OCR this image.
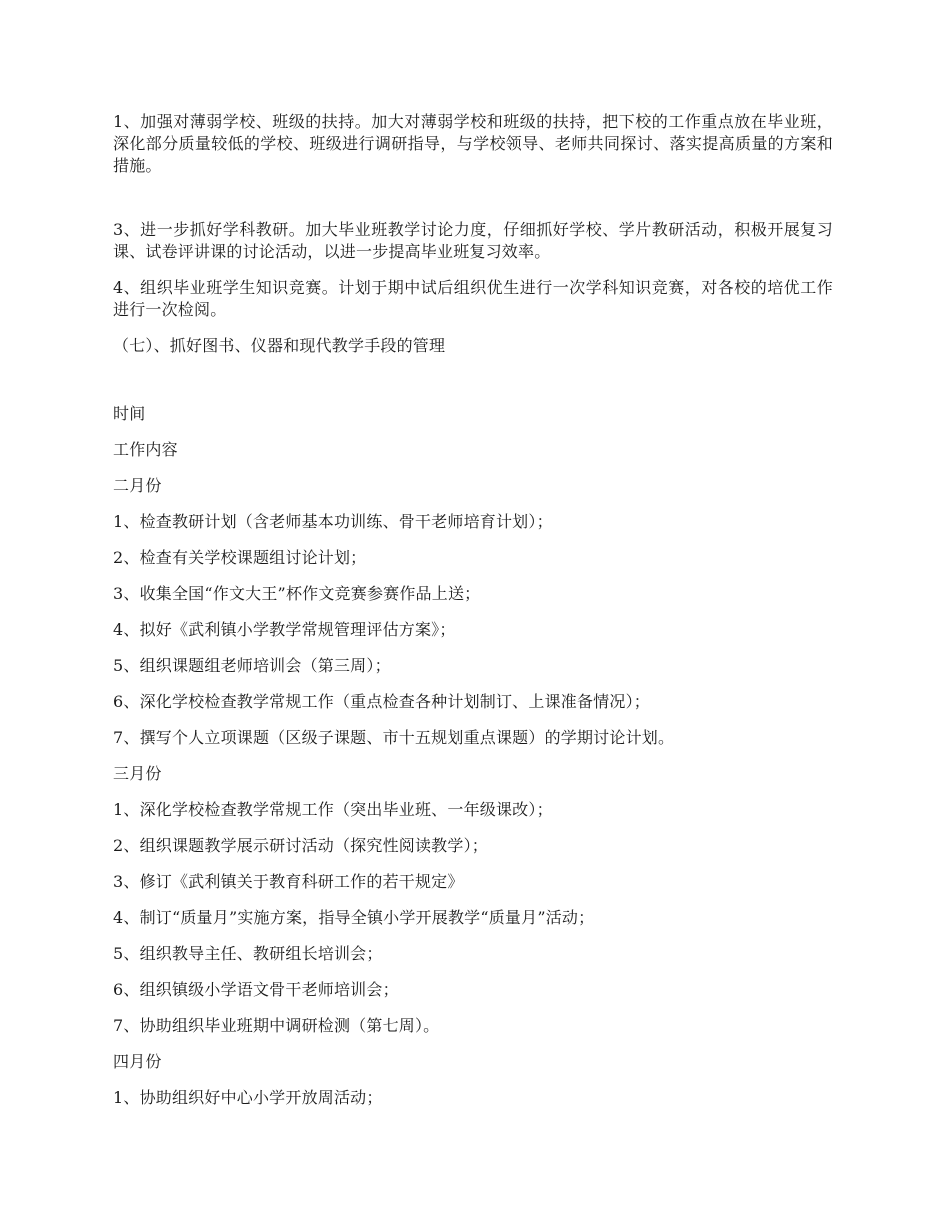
1、加强对薄弱学校、班级的扶持。加大对薄弱学校和班级的扶持，把下校的工作重点放在毕业班，深化部分质量较低的学校、班级进行调研指导，与学校领导、老师共同探讨、落实提高质量的方案和措施。

3、进一步抓好学科教研。加大毕业班教学讨论力度，仔细抓好学校、学片教研活动，积极开展复习课、试卷评讲课的讨论活动，以进一步提高毕业班复习效率。

4、组织毕业班学生知识竞赛。计划于期中试后组织优生进行一次学科知识竞赛，对各校的培优工作进行一次检阅。

（七）、抓好图书、仪器和现代教学手段的管理

时间

工作内容

二月份

1、检查教研计划（含老师基本功训练、骨干老师培育计划）；

2、检查有关学校课题组讨论计划；

3、收集全国“作文大王”杯作文竞赛参赛作品上送；

4、拟好《武利镇小学教学常规管理评估方案》；

5、组织课题组老师培训会（第三周）；

6、深化学校检查教学常规工作（重点检查各种计划制订、上课准备情况）；

7、撰写个人立项课题（区级子课题、市十五规划重点课题）的学期讨论计划。

三月份

1、深化学校检查教学常规工作（突出毕业班、一年级课改）；

2、组织课题教学展示研讨活动（探究性阅读教学）；

3、修订《武利镇关于教育科研工作的若干规定》

4、制订“质量月”实施方案，指导全镇小学开展教学“质量月”活动；

5、组织教导主任、教研组长培训会；

6、组织镇级小学语文骨干老师培训会；

7、协助组织毕业班期中调研检测（第七周）。

四月份

1、协助组织好中心小学开放周活动；
